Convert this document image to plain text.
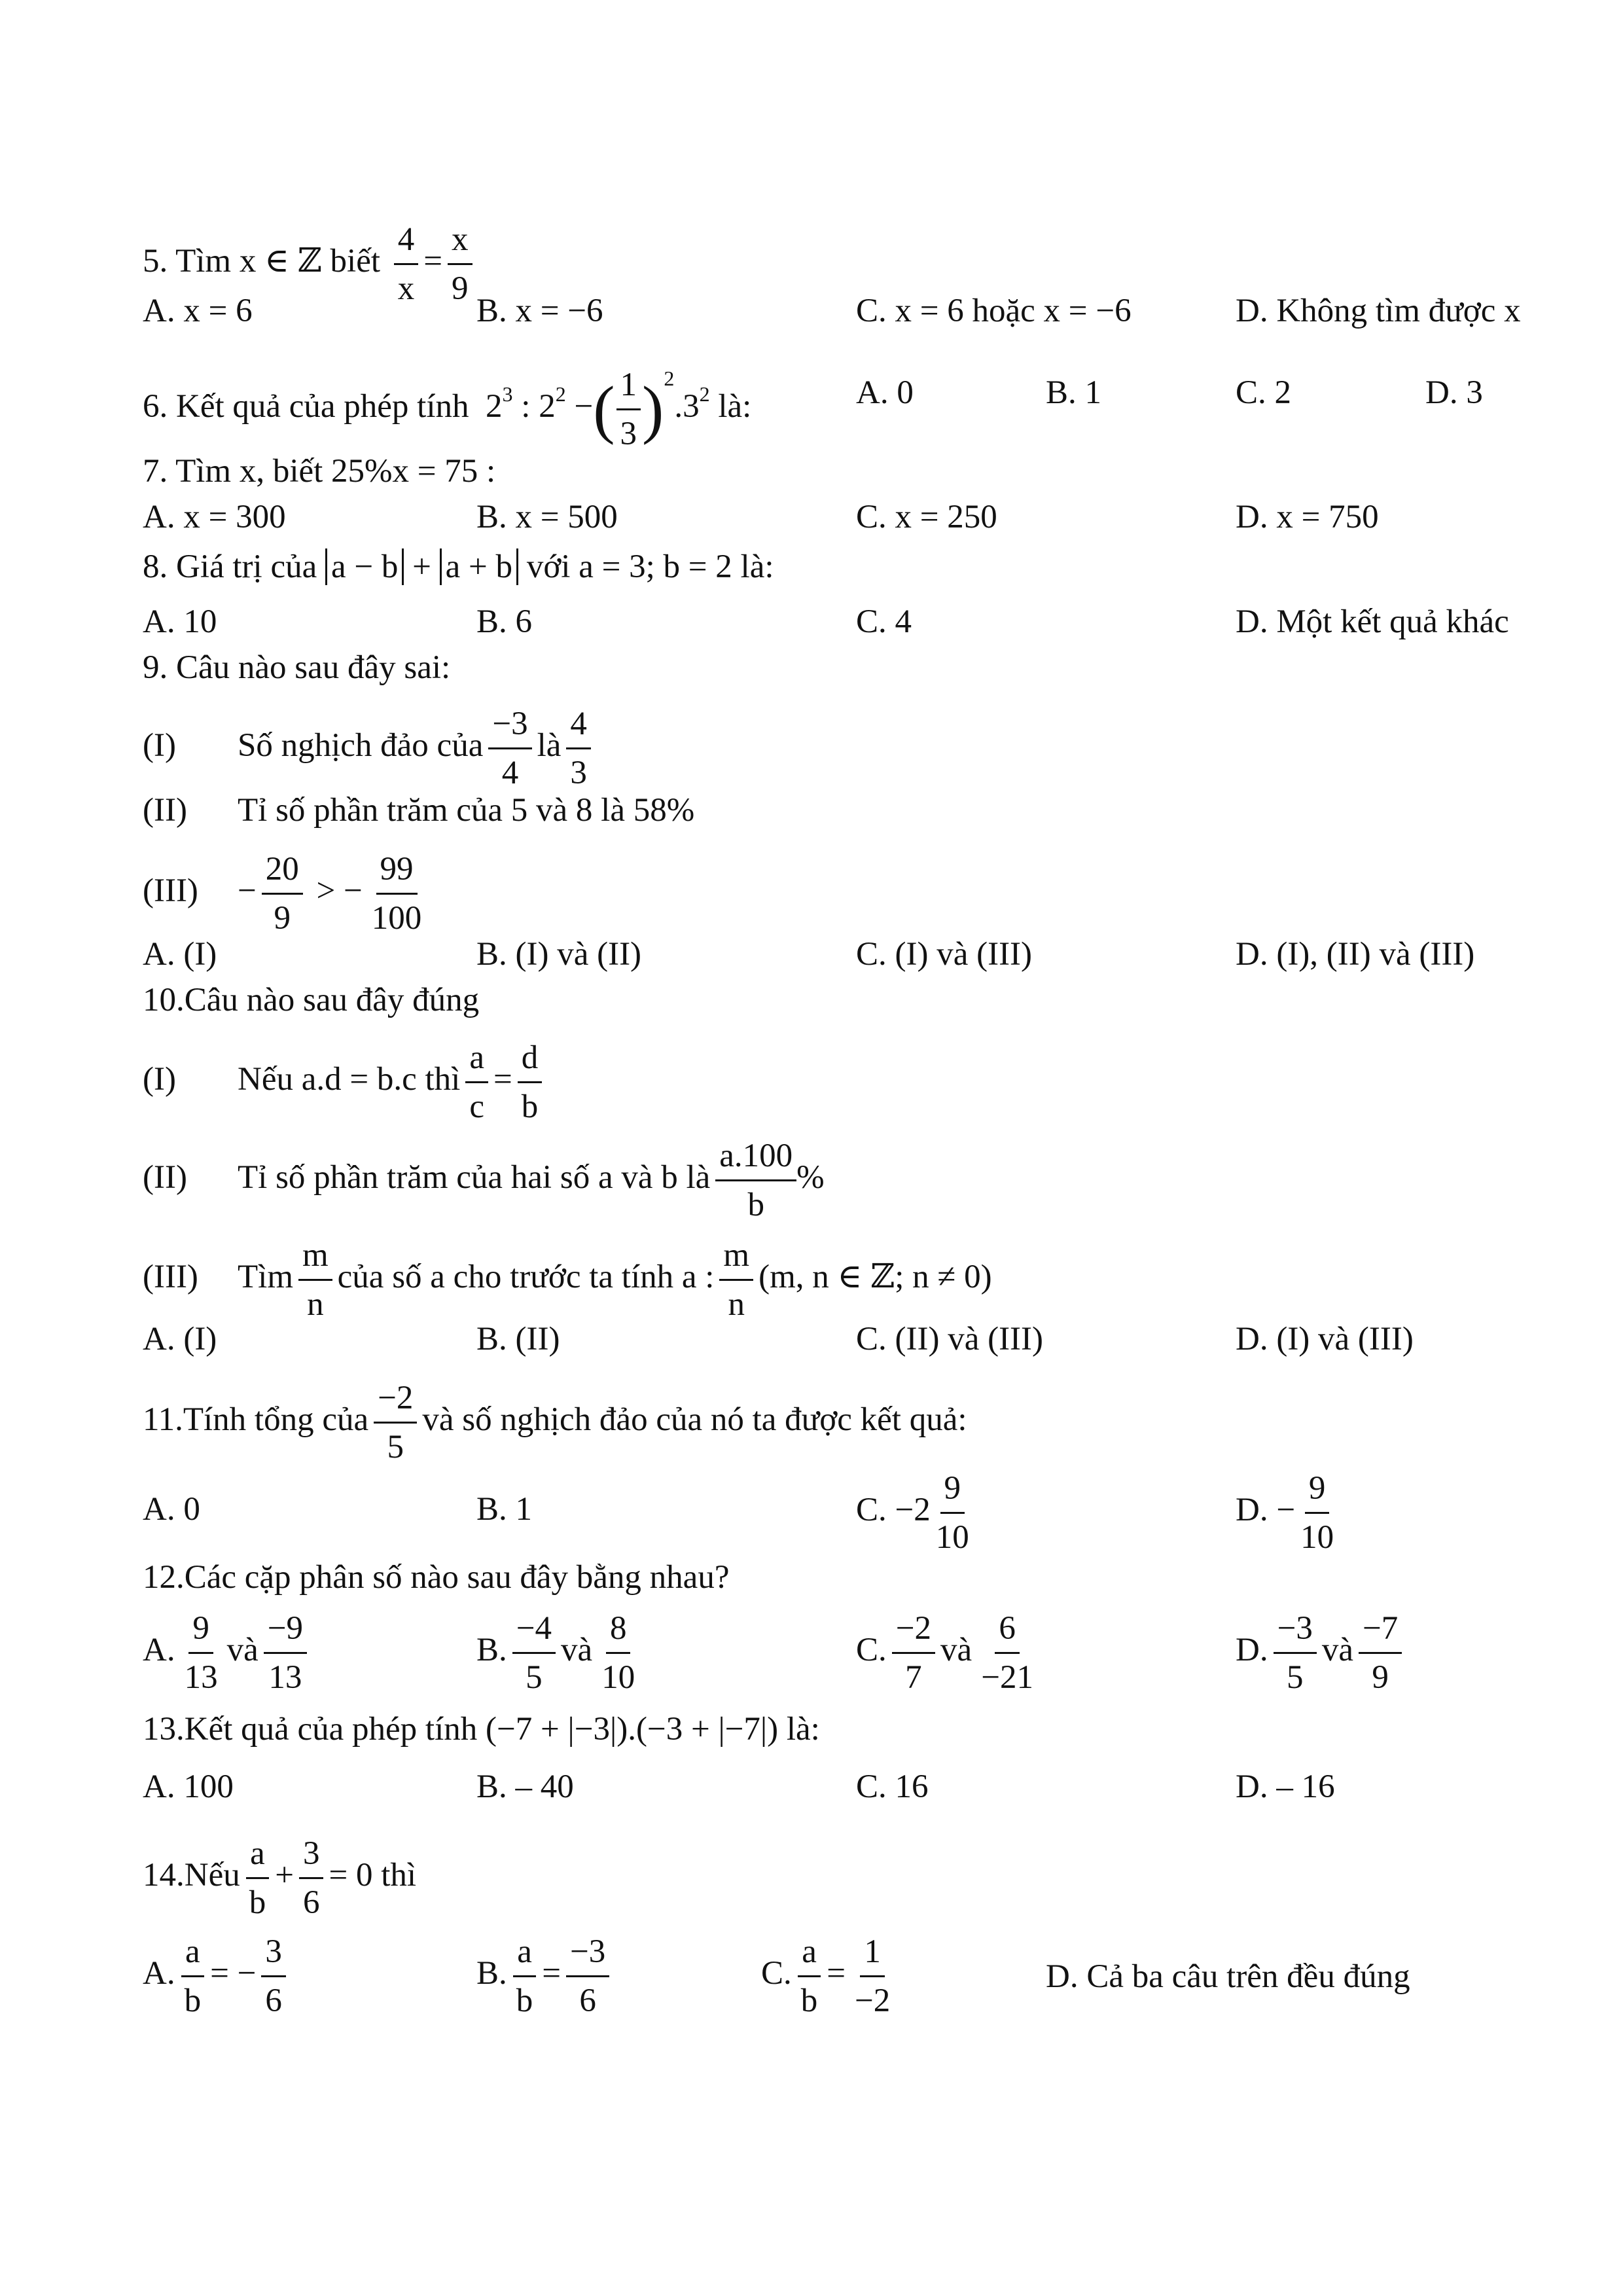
5. Tìm x ∈ ℤ biết $\frac{4}{x} = \frac{x}{9}$
A. x = 6	B. x = −6	C. x = 6 hoặc x = −6	D. Không tìm được x
6. Kết quả của phép tính $2^3$ : $2^2$ −( $\frac{1}{3} )^2.3^2$ là:	A. 0	B. 1	C. 2	D. 3
7. Tìm x, biết 25%x = 75 :
A. x = 300	B. x = 500	C. x = 250	D. x = 750
8. Giá trị của a − b + a + b với a = 3; b = 2 là:
A. 10	B. 6	C. 4	D. Một kết quả khác
9. Câu nào sau đây sai:
(I) Số nghịch đảo của $\frac{-3}{4}$ là $\frac{4}{3}$
(II) Tỉ số phần trăm của 5 và 8 là 58%
$(III) - \frac{20}{9}$ > − $\frac{99}{100}$
A. (I)	B. (I) và (II)	C. (I) và (III)	D. (I), (II) và (III)
10.Câu nào sau đây đúng
(I) Nếu a.d = b.c thì $\frac{a}{c} = \frac{d}{b}$
(II) Tỉ số phần trăm của hai số a và b là $\frac{a.100}{b}$ %
(III) Tìm $\frac{m}{n}$ của số a cho trước ta tính a : $\frac{m}{n} (m$, n ∈ ℤ; n ≠ 0)
A. (I)	B. (II)	C. (II) và (III)	D. (I) và (III)
11.Tính tổng của $\frac{-2}{5}$ và số nghịch đảo của nó ta được kết quả:
A. 0	B. 1	C. $-2 \frac{9}{10}$	D. − $\frac{9}{10}$
12.Các cặp phân số nào sau đây bằng nhau?
A. $\frac{9}{13}$ và $\frac{-9}{13}$	B. $\frac{-4}{5}$ và $\frac{8}{10}$	C. $\frac{-2}{7}$ và $\frac{6}{-21}$	D. $\frac{-3}{5}$ và $\frac{-7}{9}$
13.Kết quả của phép tính (−7 + |−3|).(−3 + |−7|) là:
A. 100	B. – 40	C. 16	D. – 16
14.Nếu $\frac{a}{b} + \frac{3}{6} = 0$ thì
A. $\frac{a}{b}$ = − $\frac{3}{6}$	B. $\frac{a}{b} = \frac{-3}{6}$	C. $\frac{a}{b} = \frac{1}{-2}$	D. Cả ba câu trên đều đúng
